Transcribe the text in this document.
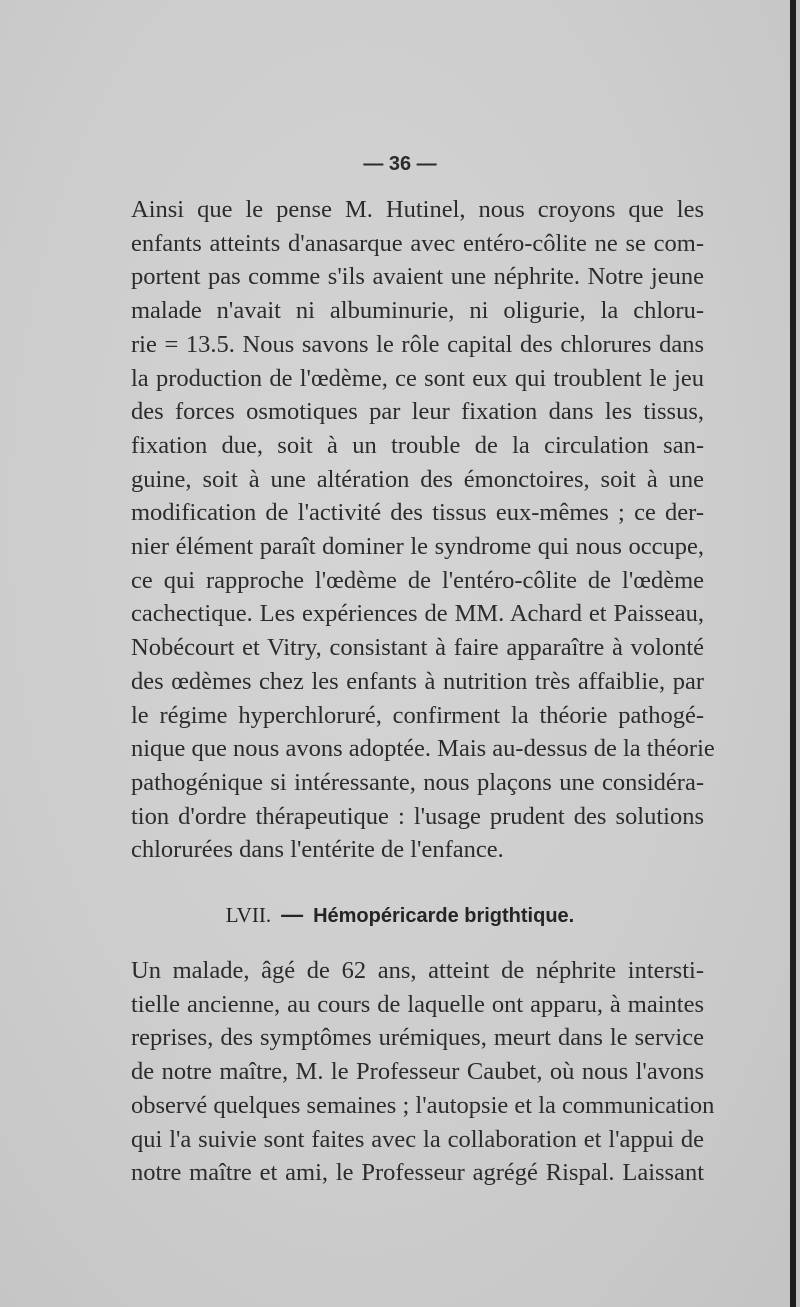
— 36 —

Ainsi que le pense M. Hutinel, nous croyons que les
enfants atteints d'anasarque avec entéro-côlite ne se com-
portent pas comme s'ils avaient une néphrite. Notre jeune
malade n'avait ni albuminurie, ni oligurie, la chloru-
rie = 13.5. Nous savons le rôle capital des chlorures dans
la production de l'œdème, ce sont eux qui troublent le jeu
des forces osmotiques par leur fixation dans les tissus,
fixation due, soit à un trouble de la circulation san-
guine, soit à une altération des émonctoires, soit à une
modification de l'activité des tissus eux-mêmes ; ce der-
nier élément paraît dominer le syndrome qui nous occupe,
ce qui rapproche l'œdème de l'entéro-côlite de l'œdème
cachectique. Les expériences de MM. Achard et Paisseau,
Nobécourt et Vitry, consistant à faire apparaître à volonté
des œdèmes chez les enfants à nutrition très affaiblie, par
le régime hyperchloruré, confirment la théorie pathogé-
nique que nous avons adoptée. Mais au-dessus de la théorie
pathogénique si intéressante, nous plaçons une considéra-
tion d'ordre thérapeutique : l'usage prudent des solutions
chlorurées dans l'entérite de l'enfance.

LVII. — Hémopéricarde brigthtique.

Un malade, âgé de 62 ans, atteint de néphrite intersti-
tielle ancienne, au cours de laquelle ont apparu, à maintes
reprises, des symptômes urémiques, meurt dans le service
de notre maître, M. le Professeur Caubet, où nous l'avons
observé quelques semaines ; l'autopsie et la communication
qui l'a suivie sont faites avec la collaboration et l'appui de
notre maître et ami, le Professeur agrégé Rispal. Laissant
